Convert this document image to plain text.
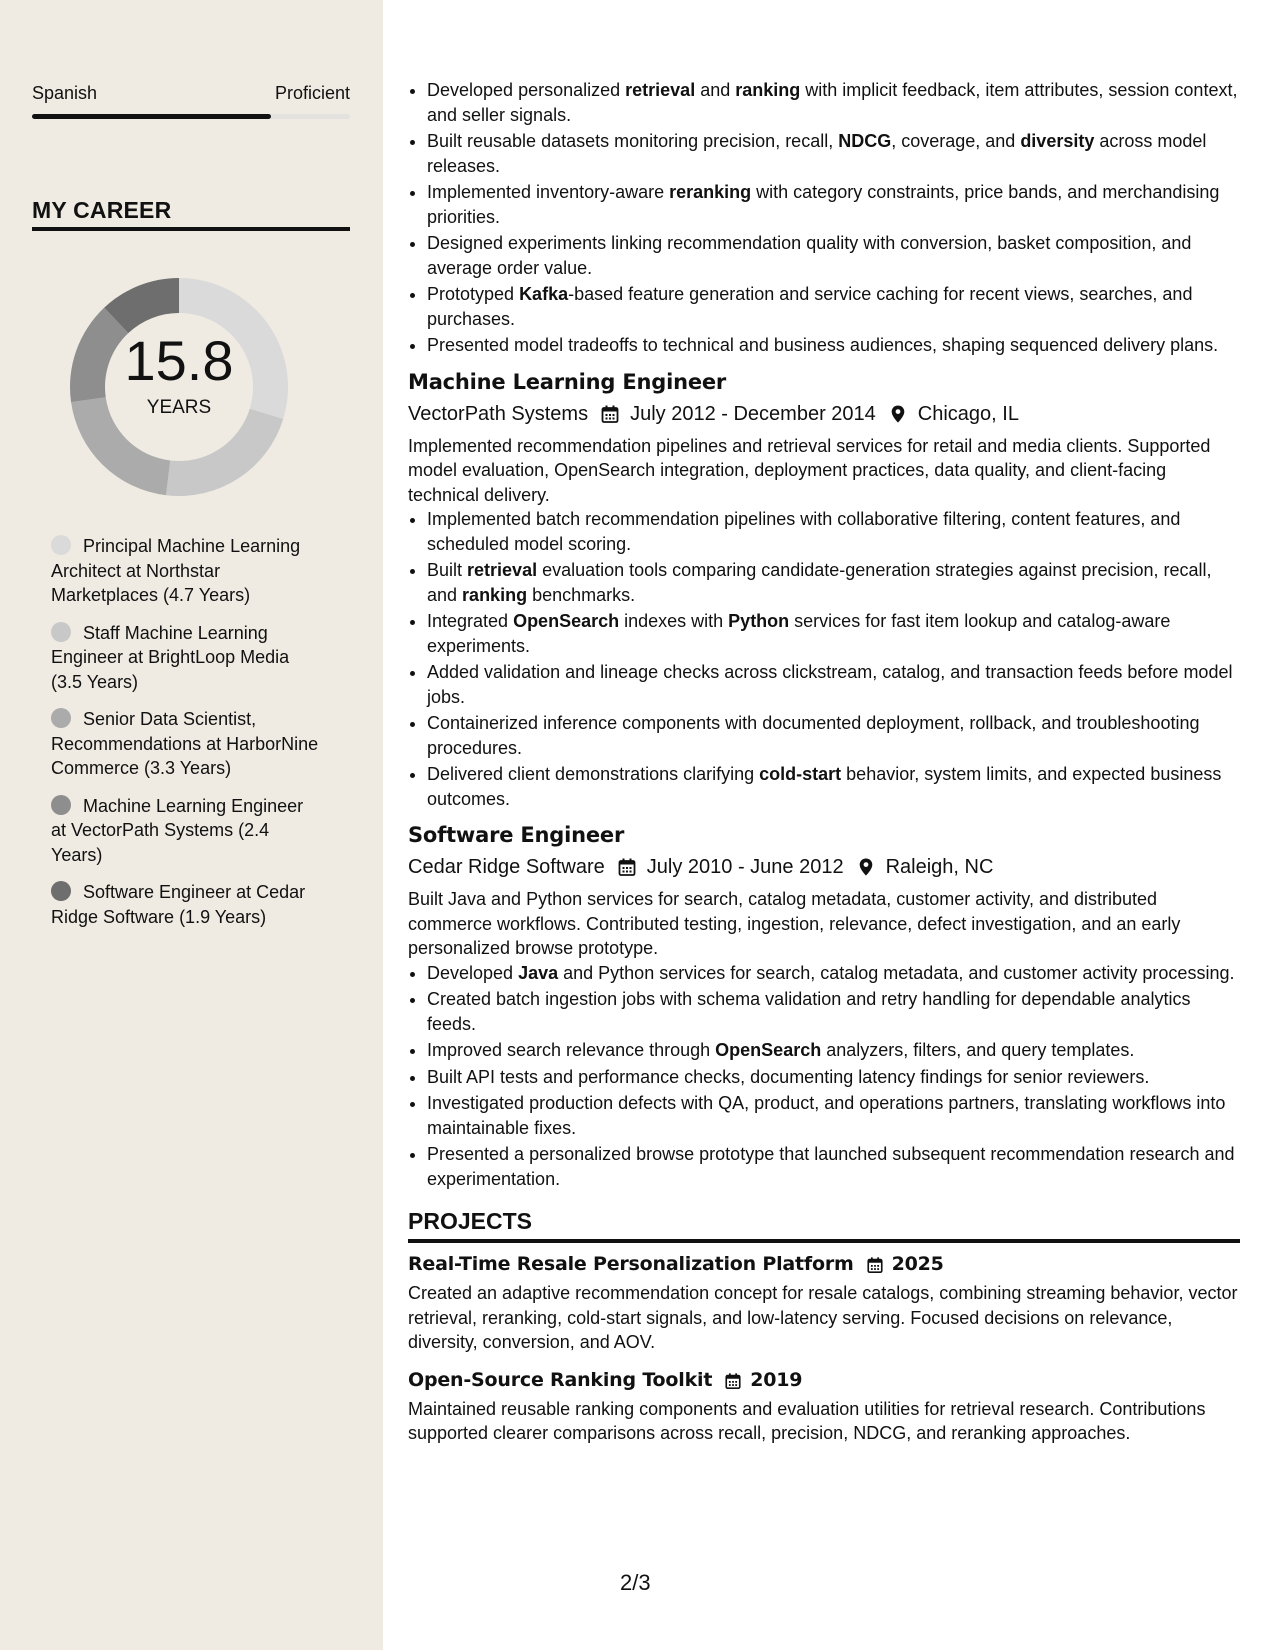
Spanish	Proficient
MY CAREER
15.8
YEARS
Principal Machine Learning Architect at Northstar Marketplaces (4.7 Years)
Staff Machine Learning Engineer at BrightLoop Media (3.5 Years)
Senior Data Scientist, Recommendations at HarborNine Commerce (3.3 Years)
Machine Learning Engineer at VectorPath Systems (2.4 Years)
Software Engineer at Cedar Ridge Software (1.9 Years)
• Developed personalized retrieval and ranking with implicit feedback, item attributes, session context, and seller signals.
• Built reusable datasets monitoring precision, recall, NDCG, coverage, and diversity across model releases.
• Implemented inventory-aware reranking with category constraints, price bands, and merchandising priorities.
• Designed experiments linking recommendation quality with conversion, basket composition, and average order value.
• Prototyped Kafka-based feature generation and service caching for recent views, searches, and purchases.
• Presented model tradeoffs to technical and business audiences, shaping sequenced delivery plans.
Machine Learning Engineer
VectorPath Systems July 2012 - December 2014 Chicago, IL

Implemented recommendation pipelines and retrieval services for retail and media clients. Supported model evaluation, OpenSearch integration, deployment practices, data quality, and client-facing technical delivery.

• Implemented batch recommendation pipelines with collaborative filtering, content features, and scheduled model scoring.
• Built retrieval evaluation tools comparing candidate-generation strategies against precision, recall, and ranking benchmarks.
• Integrated OpenSearch indexes with Python services for fast item lookup and catalog-aware experiments.
• Added validation and lineage checks across clickstream, catalog, and transaction feeds before model jobs.
• Containerized inference components with documented deployment, rollback, and troubleshooting procedures.
• Delivered client demonstrations clarifying cold-start behavior, system limits, and expected business outcomes.
Software Engineer
Cedar Ridge Software July 2010 - June 2012 Raleigh, NC

Built Java and Python services for search, catalog metadata, customer activity, and distributed commerce workflows. Contributed testing, ingestion, relevance, defect investigation, and an early personalized browse prototype.

• Developed Java and Python services for search, catalog metadata, and customer activity processing.
• Created batch ingestion jobs with schema validation and retry handling for dependable analytics feeds.
• Improved search relevance through OpenSearch analyzers, filters, and query templates.
• Built API tests and performance checks, documenting latency findings for senior reviewers.
• Investigated production defects with QA, product, and operations partners, translating workflows into maintainable fixes.
• Presented a personalized browse prototype that launched subsequent recommendation research and experimentation.
PROJECTS
Real-Time Resale Personalization Platform 2025
Created an adaptive recommendation concept for resale catalogs, combining streaming behavior, vector retrieval, reranking, cold-start signals, and low-latency serving. Focused decisions on relevance, diversity, conversion, and AOV.
Open-Source Ranking Toolkit 2019
Maintained reusable ranking components and evaluation utilities for retrieval research. Contributions supported clearer comparisons across recall, precision, NDCG, and reranking approaches.
2/3
